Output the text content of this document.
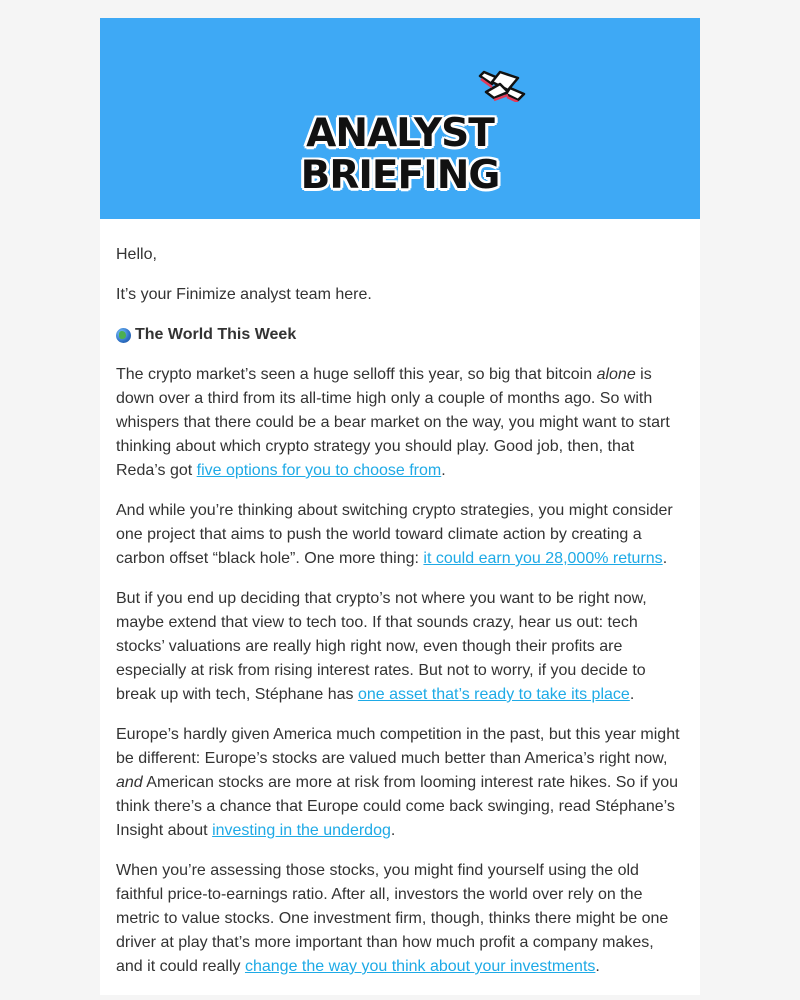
ANALYST
BRIEFING

Hello,

It’s your Finimize analyst team here.

The World This Week

The crypto market’s seen a huge selloff this year, so big that bitcoin alone is down over a third from its all-time high only a couple of months ago. So with whispers that there could be a bear market on the way, you might want to start thinking about which crypto strategy you should play. Good job, then, that Reda’s got five options for you to choose from.

And while you’re thinking about switching crypto strategies, you might consider one project that aims to push the world toward climate action by creating a carbon offset “black hole”. One more thing: it could earn you 28,000% returns.

But if you end up deciding that crypto’s not where you want to be right now, maybe extend that view to tech too. If that sounds crazy, hear us out: tech stocks’ valuations are really high right now, even though their profits are especially at risk from rising interest rates. But not to worry, if you decide to break up with tech, Stéphane has one asset that’s ready to take its place.

Europe’s hardly given America much competition in the past, but this year might be different: Europe’s stocks are valued much better than America’s right now, and American stocks are more at risk from looming interest rate hikes. So if you think there’s a chance that Europe could come back swinging, read Stéphane’s Insight about investing in the underdog.

When you’re assessing those stocks, you might find yourself using the old faithful price-to-earnings ratio. After all, investors the world over rely on the metric to value stocks. One investment firm, though, thinks there might be one driver at play that’s more important than how much profit a company makes, and it could really change the way you think about your investments.
